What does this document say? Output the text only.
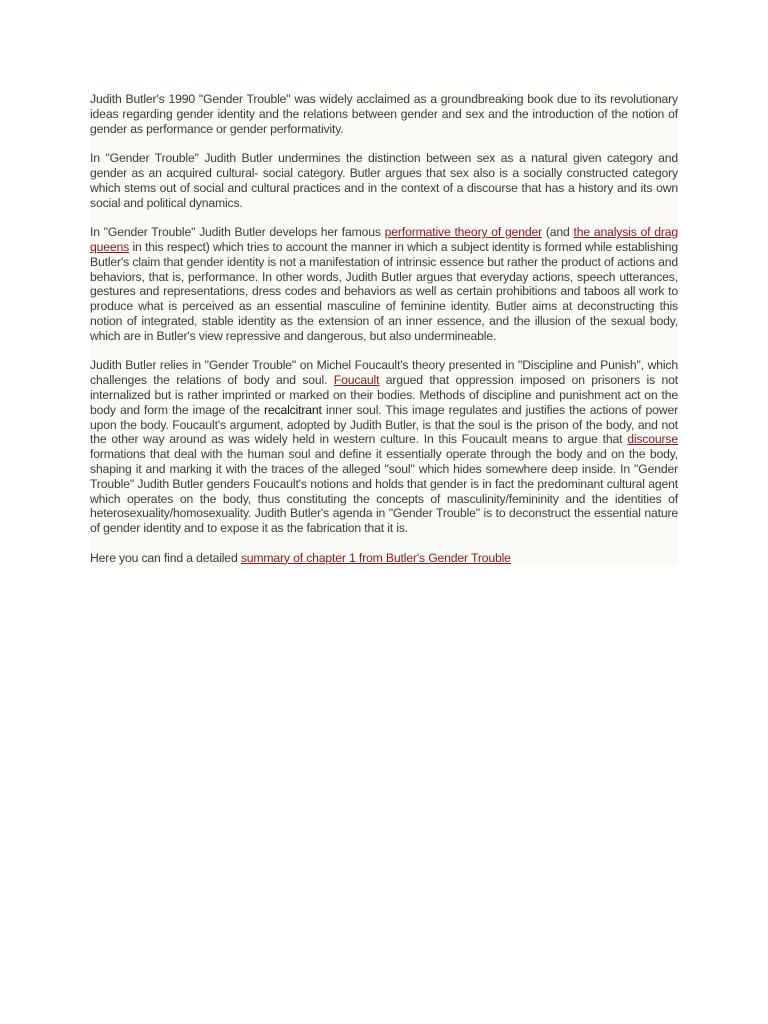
Judith Butler's 1990 "Gender Trouble" was widely acclaimed as a groundbreaking book due to its revolutionary ideas regarding gender identity and the relations between gender and sex and the introduction of the notion of gender as performance or gender performativity.

In "Gender Trouble" Judith Butler undermines the distinction between sex as a natural given category and gender as an acquired cultural- social category. Butler argues that sex also is a socially constructed category which stems out of social and cultural practices and in the context of a discourse that has a history and its own social and political dynamics.

In "Gender Trouble" Judith Butler develops her famous performative theory of gender (and the analysis of drag queens in this respect) which tries to account the manner in which a subject identity is formed while establishing Butler's claim that gender identity is not a manifestation of intrinsic essence but rather the product of actions and behaviors, that is, performance. In other words, Judith Butler argues that everyday actions, speech utterances, gestures and representations, dress codes and behaviors as well as certain prohibitions and taboos all work to produce what is perceived as an essential masculine of feminine identity. Butler aims at deconstructing this notion of integrated, stable identity as the extension of an inner essence, and the illusion of the sexual body, which are in Butler's view repressive and dangerous, but also undermineable.

Judith Butler relies in "Gender Trouble" on Michel Foucault's theory presented in "Discipline and Punish", which challenges the relations of body and soul. Foucault argued that oppression imposed on prisoners is not internalized but is rather imprinted or marked on their bodies. Methods of discipline and punishment act on the body and form the image of the recalcitrant inner soul. This image regulates and justifies the actions of power upon the body. Foucault's argument, adopted by Judith Butler, is that the soul is the prison of the body, and not the other way around as was widely held in western culture. In this Foucault means to argue that discourse formations that deal with the human soul and define it essentially operate through the body and on the body, shaping it and marking it with the traces of the alleged "soul" which hides somewhere deep inside. In "Gender Trouble" Judith Butler genders Foucault's notions and holds that gender is in fact the predominant cultural agent which operates on the body, thus constituting the concepts of masculinity/femininity and the identities of heterosexuality/homosexuality. Judith Butler's agenda in "Gender Trouble" is to deconstruct the essential nature of gender identity and to expose it as the fabrication that it is.

Here you can find a detailed summary of chapter 1 from Butler's Gender Trouble
